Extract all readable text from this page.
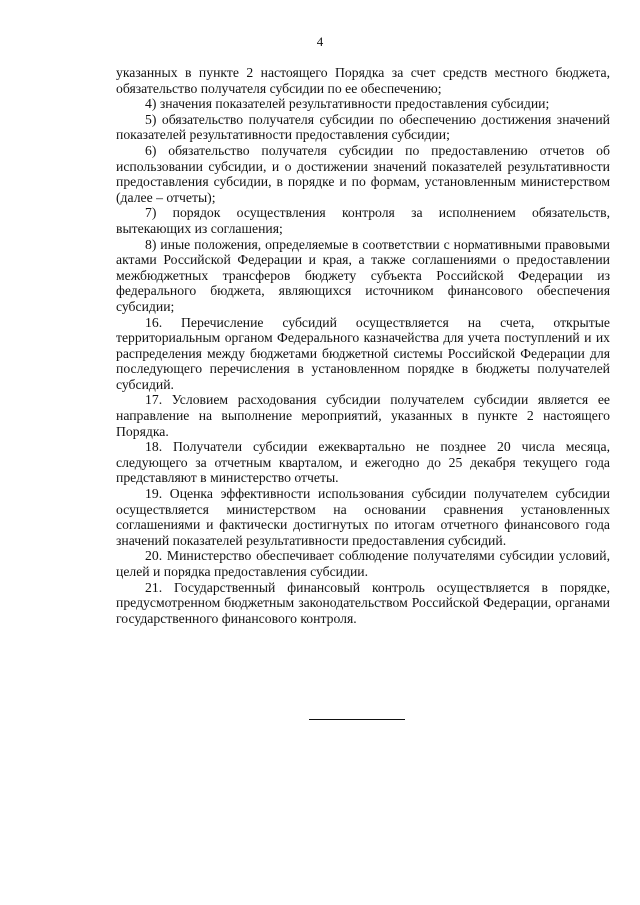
4

указанных в пункте 2 настоящего Порядка за счет средств местного бюджета, обязательство получателя субсидии по ее обеспечению;

4) значения показателей результативности предоставления субсидии;

5) обязательство получателя субсидии по обеспечению достижения значений показателей результативности предоставления субсидии;

6) обязательство получателя субсидии по предоставлению отчетов об использовании субсидии, и о достижении значений показателей результативности предоставления субсидии, в порядке и по формам, установленным министерством (далее – отчеты);

7) порядок осуществления контроля за исполнением обязательств, вытекающих из соглашения;

8) иные положения, определяемые в соответствии с нормативными правовыми актами Российской Федерации и края, а также соглашениями о предоставлении межбюджетных трансферов бюджету субъекта Российской Федерации из федерального бюджета, являющихся источником финансового обеспечения субсидии;

16. Перечисление субсидий осуществляется на счета, открытые территориальным органом Федерального казначейства для учета поступлений и их распределения между бюджетами бюджетной системы Российской Федерации для последующего перечисления в установленном порядке в бюджеты получателей субсидий.

17. Условием расходования субсидии получателем субсидии является ее направление на выполнение мероприятий, указанных в пункте 2 настоящего Порядка.

18. Получатели субсидии ежеквартально не позднее 20 числа месяца, следующего за отчетным кварталом, и ежегодно до 25 декабря текущего года представляют в министерство отчеты.

19. Оценка эффективности использования субсидии получателем субсидии осуществляется министерством на основании сравнения установленных соглашениями и фактически достигнутых по итогам отчетного финансового года значений показателей результативности предоставления субсидий.

20. Министерство обеспечивает соблюдение получателями субсидии условий, целей и порядка предоставления субсидии.

21. Государственный финансовый контроль осуществляется в порядке, предусмотренном бюджетным законодательством Российской Федерации, органами государственного финансового контроля.
